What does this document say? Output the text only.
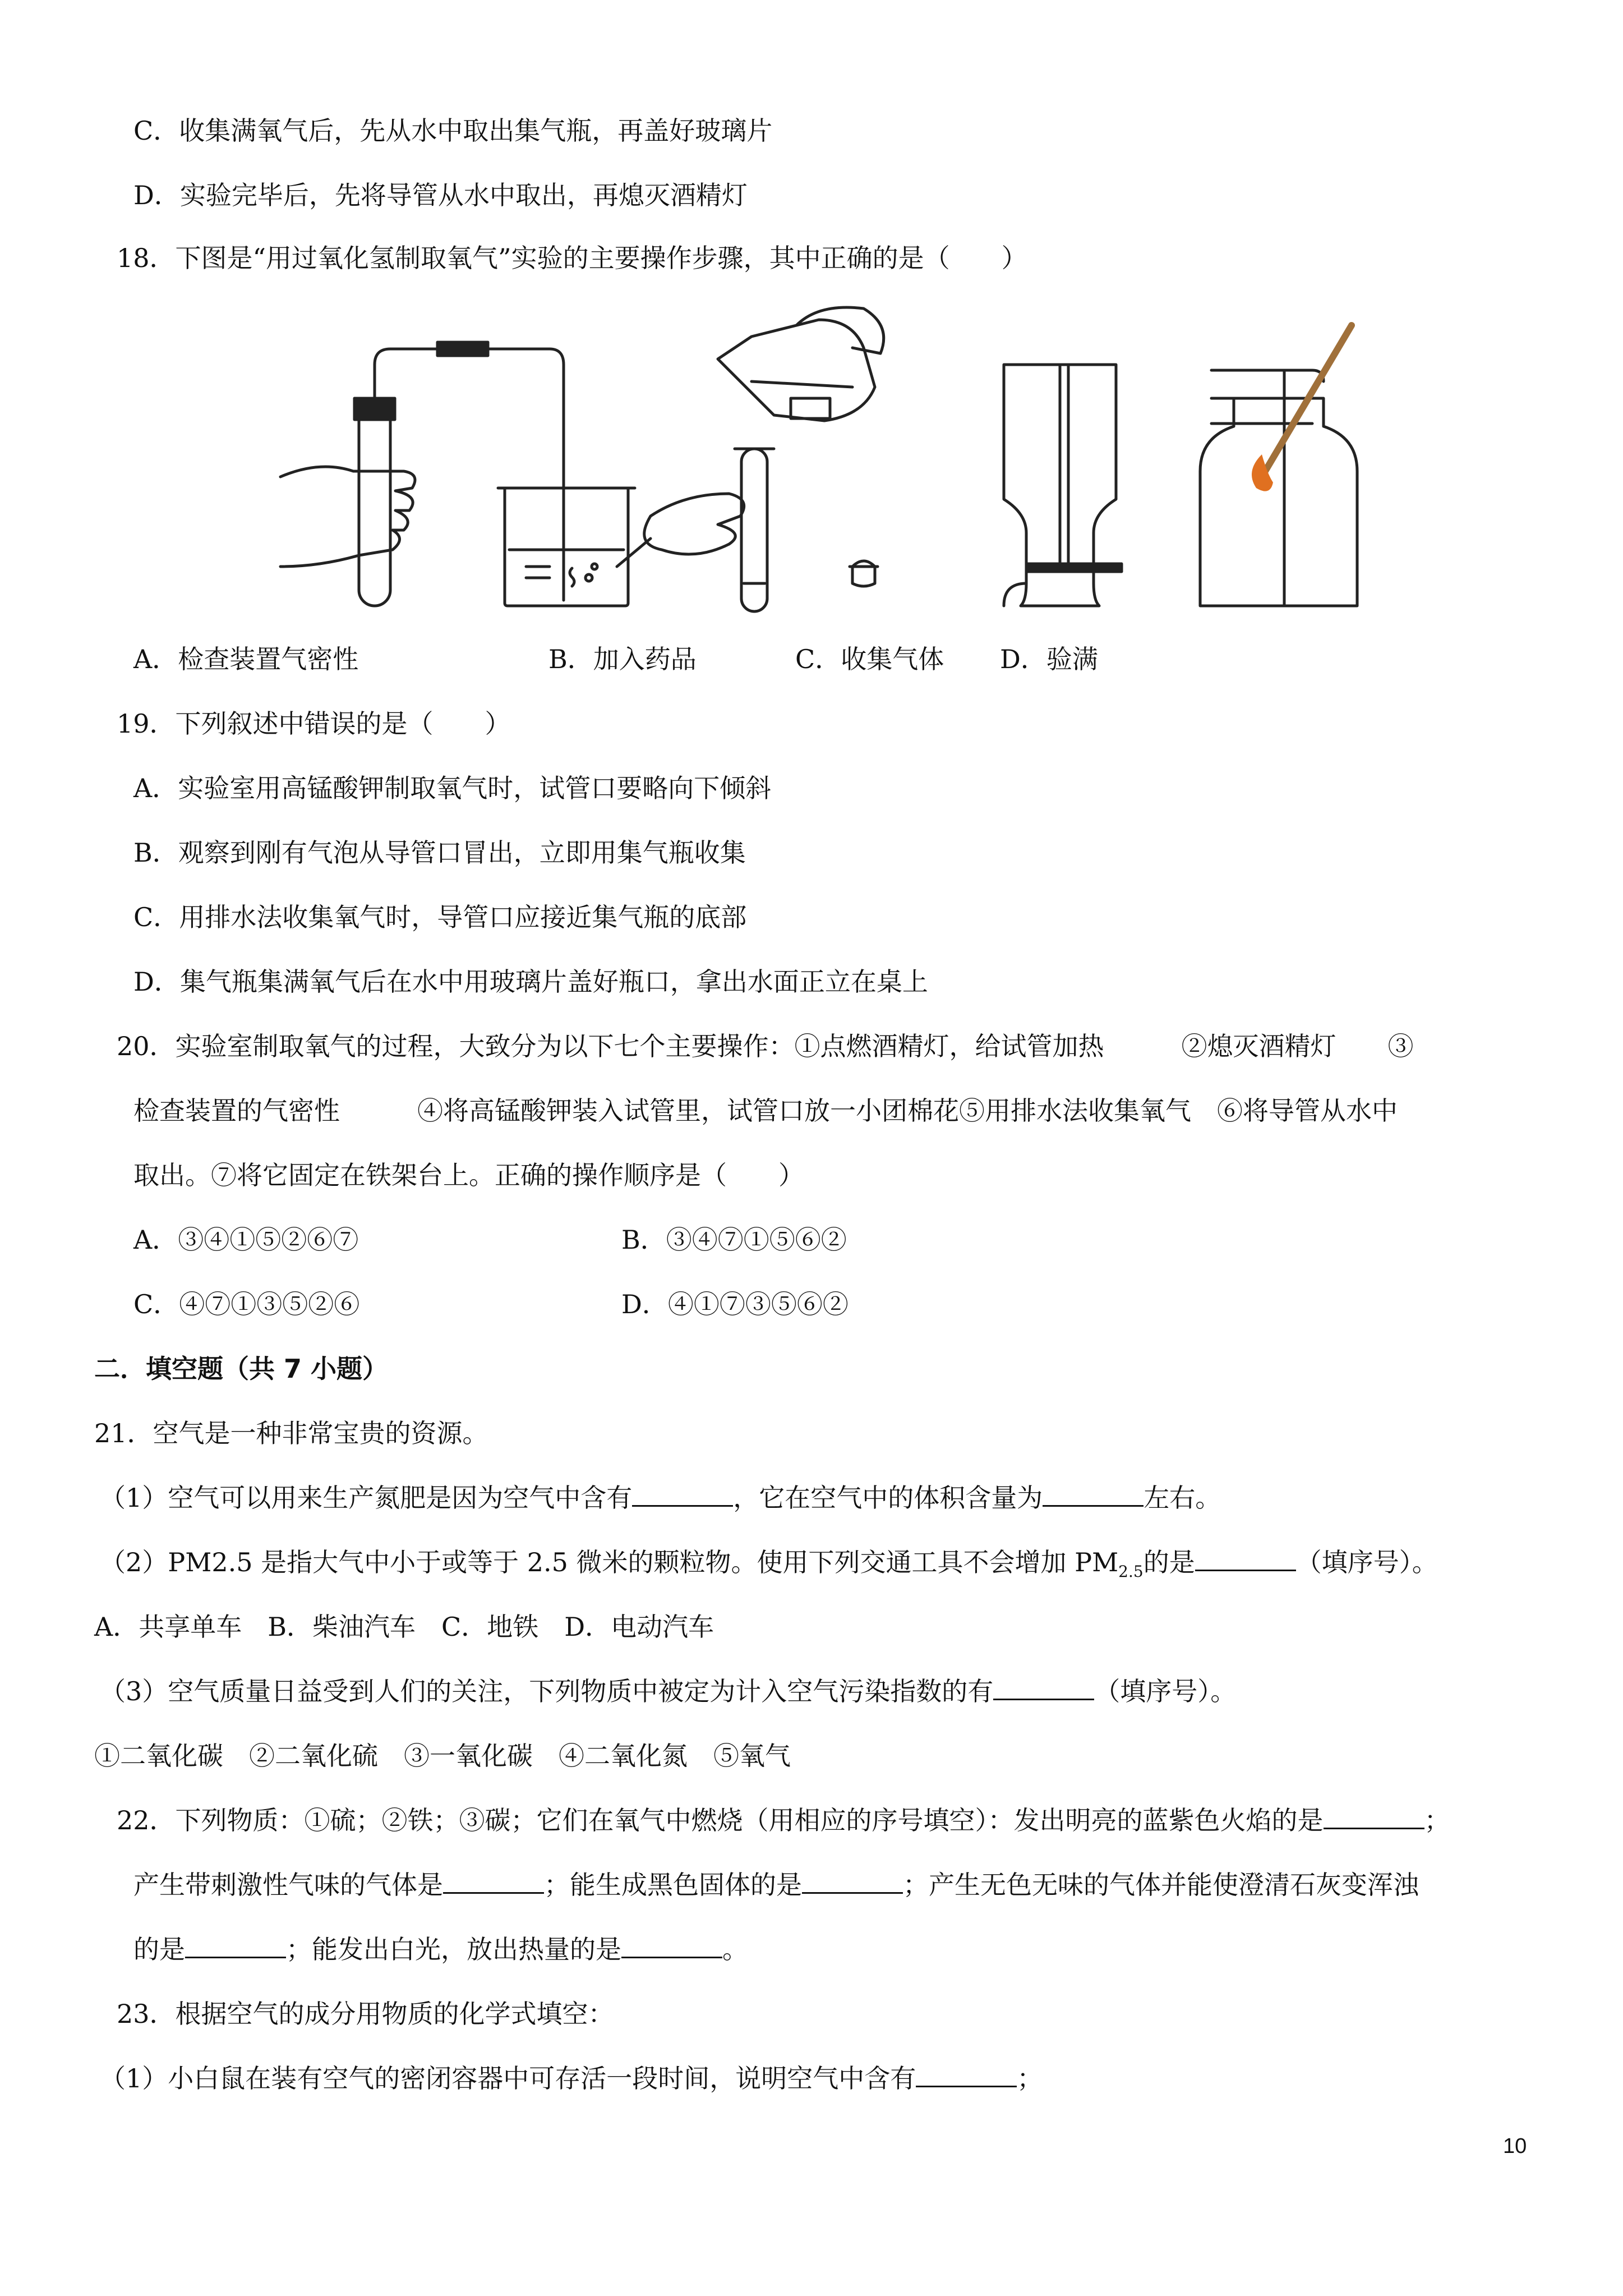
C．收集满氧气后，先从水中取出集气瓶，再盖好玻璃片
D．实验完毕后，先将导管从水中取出，再熄灭酒精灯
18．下图是“用过氧化氢制取氧气”实验的主要操作步骤，其中正确的是（　　）
A．检查装置气密性	B．加入药品	C．收集气体 D．验满
19．下列叙述中错误的是（　　）
A．实验室用高锰酸钾制取氧气时，试管口要略向下倾斜
B．观察到刚有气泡从导管口冒出，立即用集气瓶收集
C．用排水法收集氧气时，导管口应接近集气瓶的底部
D．集气瓶集满氧气后在水中用玻璃片盖好瓶口，拿出水面正立在桌上
20．实验室制取氧气的过程，大致分为以下七个主要操作：①点燃酒精灯，给试管加热　　　②熄灭酒精灯　　③
检查装置的气密性　　　④将高锰酸钾装入试管里，试管口放一小团棉花⑤用排水法收集氧气　⑥将导管从水中
取出。⑦将它固定在铁架台上。正确的操作顺序是（　　）
A．③④①⑤②⑥⑦	B．③④⑦①⑤⑥②
C．④⑦①③⑤②⑥	D．④①⑦③⑤⑥②
二．填空题（共 7 小题）
21．空气是一种非常宝贵的资源。
（1）空气可以用来生产氮肥是因为空气中含有	，它在空气中的体积含量为	左右。
（2）PM2.5 是指大气中小于或等于 2.5 微米的颗粒物。使用下列交通工具不会增加 $PM_{2.5}$的是	（填序号）。
A．共享单车　B．柴油汽车　C．地铁　D．电动汽车
（3）空气质量日益受到人们的关注，下列物质中被定为计入空气污染指数的有	（填序号）。
①二氧化碳　②二氧化硫　③一氧化碳　④二氧化氮　⑤氧气
22．下列物质：①硫；②铁；③碳；它们在氧气中燃烧（用相应的序号填空）：发出明亮的蓝紫色火焰的是	；
产生带刺激性气味的气体是	；能生成黑色固体的是	；产生无色无味的气体并能使澄清石灰变浑浊
的是	；能发出白光，放出热量的是	。
23．根据空气的成分用物质的化学式填空：
（1）小白鼠在装有空气的密闭容器中可存活一段时间，说明空气中含有	；
10
